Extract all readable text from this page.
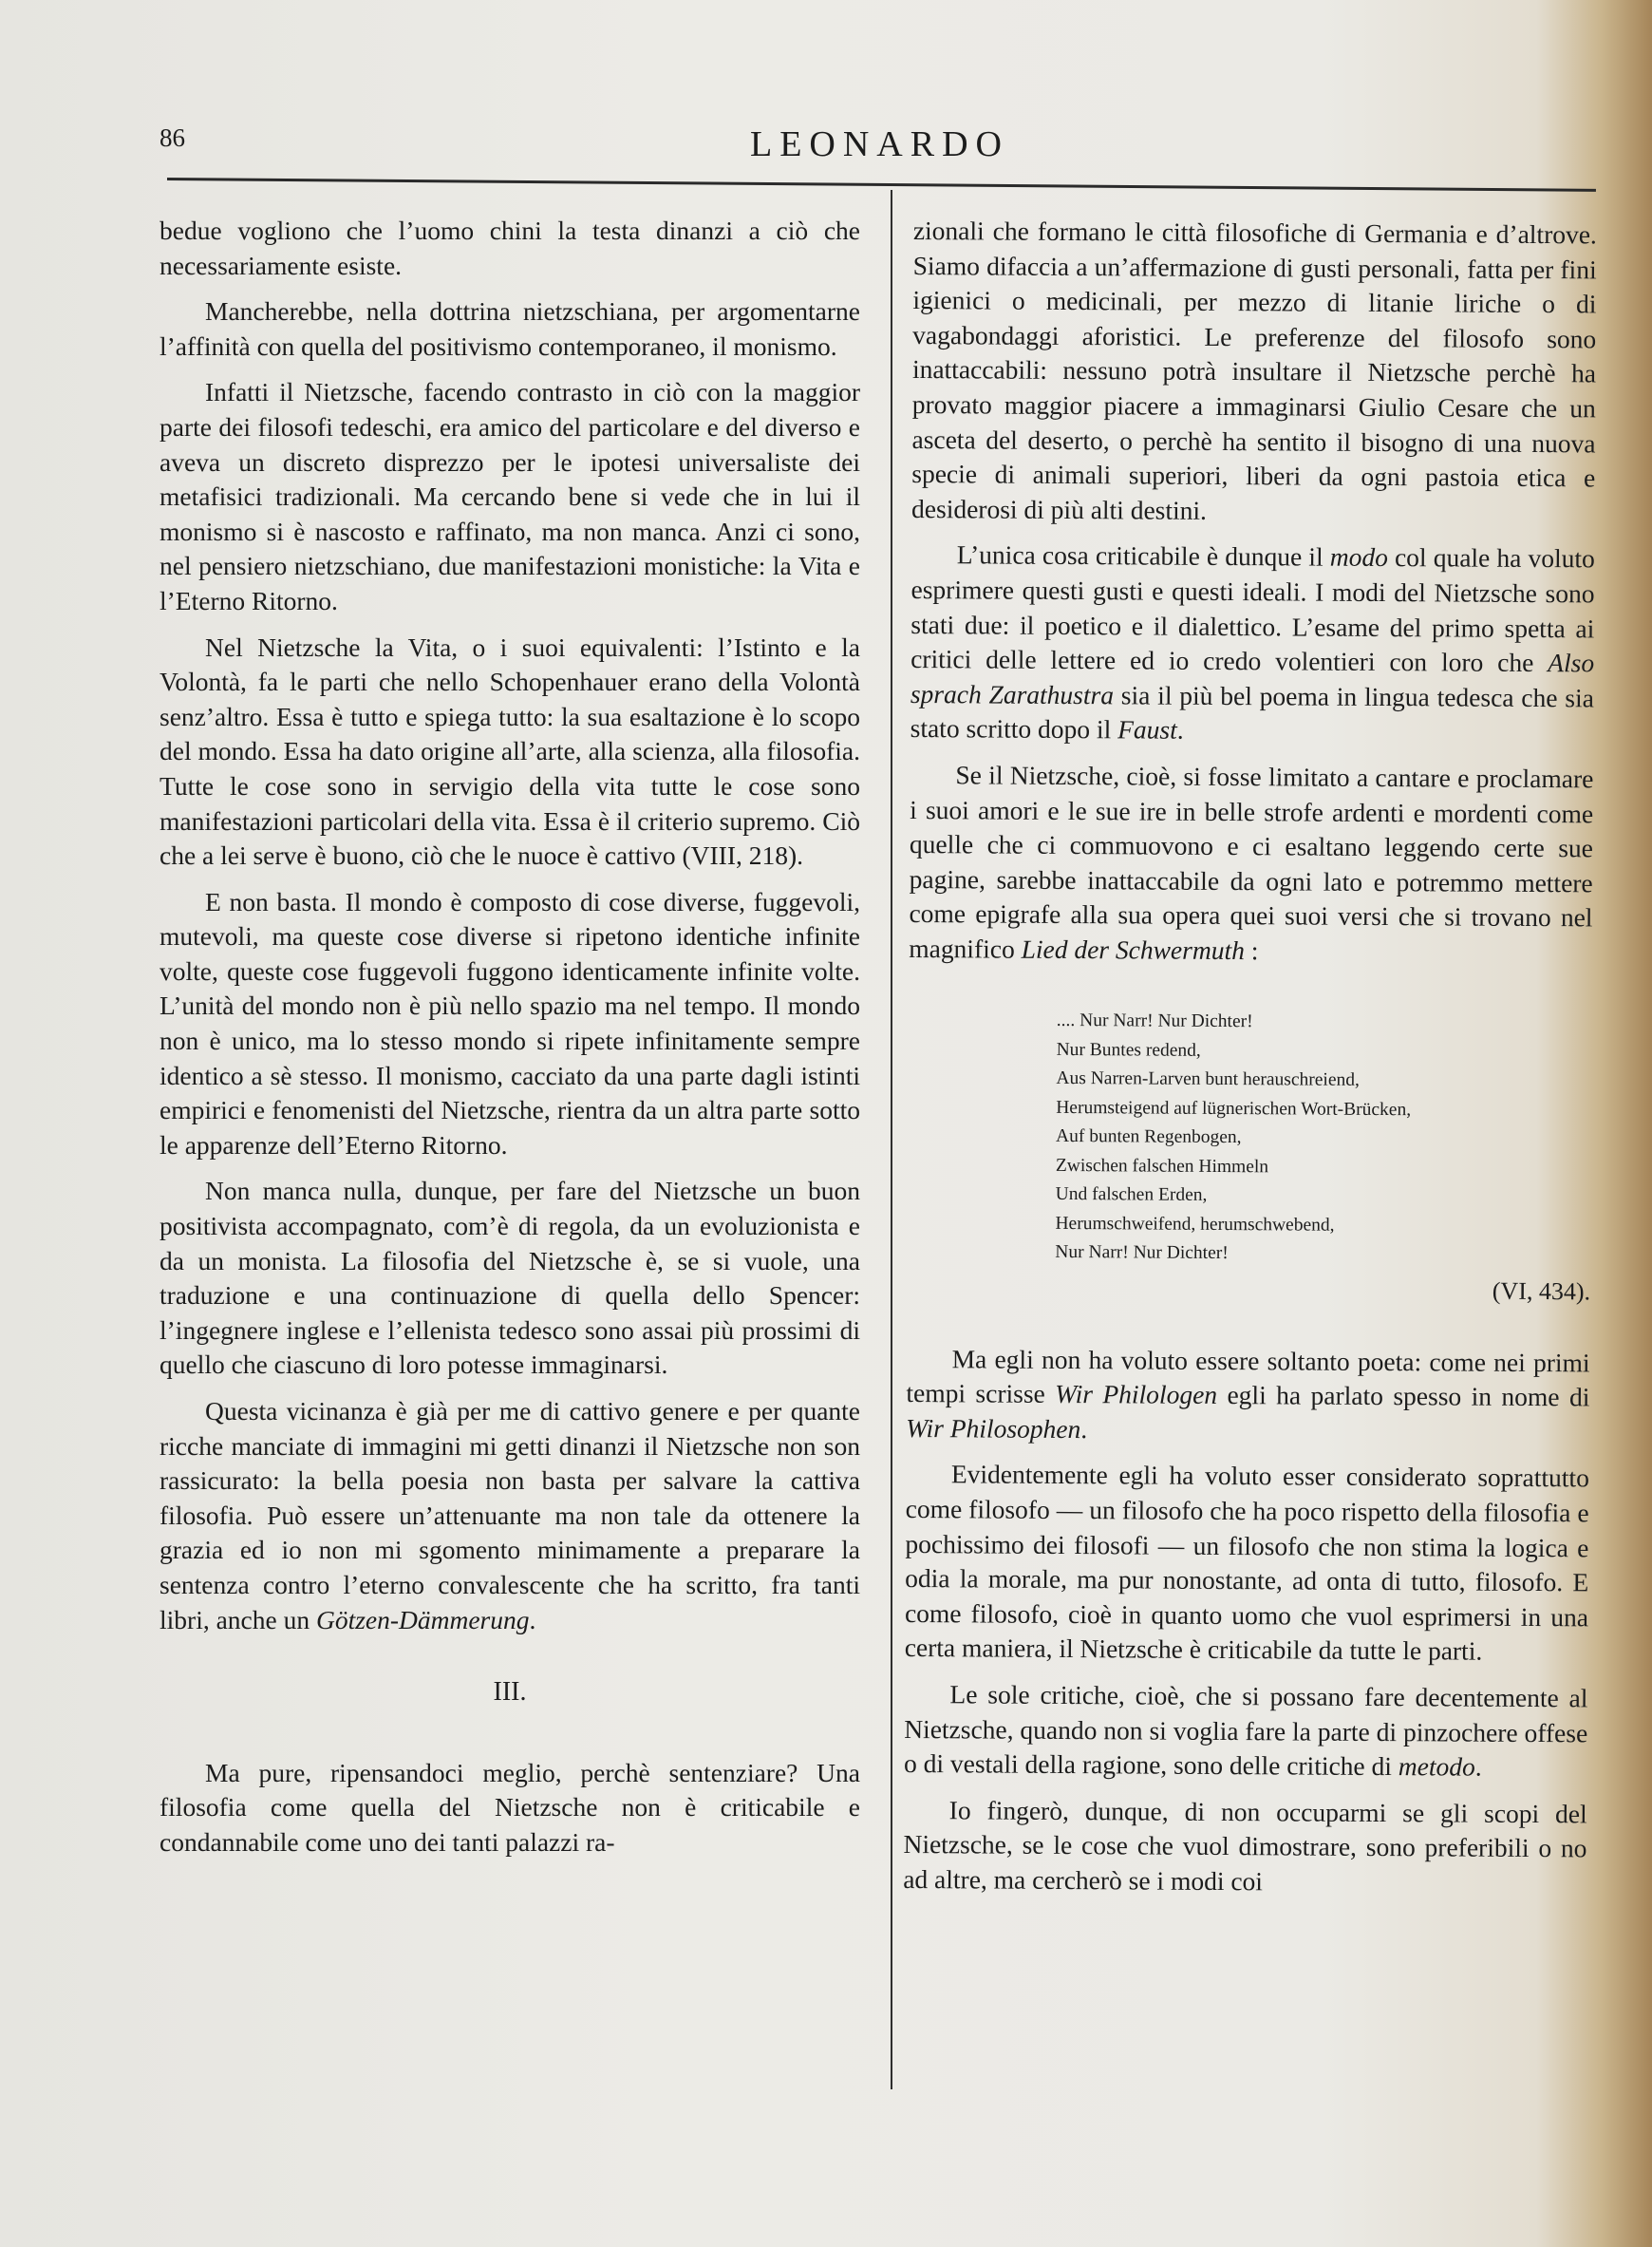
86	LEONARDO

bedue vogliono che l’uomo chini la testa dinanzi a ciò che necessariamente esiste.

Mancherebbe, nella dottrina nietzschiana, per argomentarne l’affinità con quella del positivismo contemporaneo, il monismo.

Infatti il Nietzsche, facendo contrasto in ciò con la maggior parte dei filosofi tedeschi, era amico del particolare e del diverso e aveva un discreto disprezzo per le ipotesi universaliste dei metafisici tradizionali. Ma cercando bene si vede che in lui il monismo si è nascosto e raffinato, ma non manca. Anzi ci sono, nel pensiero nietzschiano, due manifestazioni monistiche: la Vita e l’Eterno Ritorno.

Nel Nietzsche la Vita, o i suoi equivalenti: l’Istinto e la Volontà, fa le parti che nello Schopenhauer erano della Volontà senz’altro. Essa è tutto e spiega tutto: la sua esaltazione è lo scopo del mondo. Essa ha dato origine all’arte, alla scienza, alla filosofia. Tutte le cose sono in servigio della vita tutte le cose sono manifestazioni particolari della vita. Essa è il criterio supremo. Ciò che a lei serve è buono, ciò che le nuoce è cattivo (VIII, 218).

E non basta. Il mondo è composto di cose diverse, fuggevoli, mutevoli, ma queste cose diverse si ripetono identiche infinite volte, queste cose fuggevoli fuggono identicamente infinite volte. L’unità del mondo non è più nello spazio ma nel tempo. Il mondo non è unico, ma lo stesso mondo si ripete infinitamente sempre identico a sè stesso. Il monismo, cacciato da una parte dagli istinti empirici e fenomenisti del Nietzsche, rientra da un altra parte sotto le apparenze dell’Eterno Ritorno.

Non manca nulla, dunque, per fare del Nietzsche un buon positivista accompagnato, com’è di regola, da un evoluzionista e da un monista. La filosofia del Nietzsche è, se si vuole, una traduzione e una continuazione di quella dello Spencer: l’ingegnere inglese e l’ellenista tedesco sono assai più prossimi di quello che ciascuno di loro potesse immaginarsi.

Questa vicinanza è già per me di cattivo genere e per quante ricche manciate di immagini mi getti dinanzi il Nietzsche non son rassicurato: la bella poesia non basta per salvare la cattiva filosofia. Può essere un’attenuante ma non tale da ottenere la grazia ed io non mi sgomento minimamente a preparare la sentenza contro l’eterno convalescente che ha scritto, fra tanti libri, anche un Götzen-Dämmerung.

III.

Ma pure, ripensandoci meglio, perchè sentenziare? Una filosofia come quella del Nietzsche non è criticabile e condannabile come uno dei tanti palazzi ra-

zionali che formano le città filosofiche di Germania e d’altrove. Siamo difaccia a un’affermazione di gusti personali, fatta per fini igienici o medicinali, per mezzo di litanie liriche o di vagabondaggi aforistici. Le preferenze del filosofo sono inattaccabili: nessuno potrà insultare il Nietzsche perchè ha provato maggior piacere a immaginarsi Giulio Cesare che un asceta del deserto, o perchè ha sentito il bisogno di una nuova specie di animali superiori, liberi da ogni pastoia etica e desiderosi di più alti destini.

L’unica cosa criticabile è dunque il modo col quale ha voluto esprimere questi gusti e questi ideali. I modi del Nietzsche sono stati due: il poetico e il dialettico. L’esame del primo spetta ai critici delle lettere ed io credo volentieri con loro che Also sprach Zarathustra sia il più bel poema in lingua tedesca che sia stato scritto dopo il Faust.

Se il Nietzsche, cioè, si fosse limitato a cantare e proclamare i suoi amori e le sue ire in belle strofe ardenti e mordenti come quelle che ci commuovono e ci esaltano leggendo certe sue pagine, sarebbe inattaccabile da ogni lato e potremmo mettere come epigrafe alla sua opera quei suoi versi che si trovano nel magnifico Lied der Schwermuth :

.... Nur Narr! Nur Dichter!
Nur Buntes redend,
Aus Narren-Larven bunt herauschreiend,
Herumsteigend auf lügnerischen Wort-Brücken,
Auf bunten Regenbogen,
Zwischen falschen Himmeln
Und falschen Erden,
Herumschweifend, herumschwebend,
Nur Narr! Nur Dichter!
(VI, 434).

Ma egli non ha voluto essere soltanto poeta: come nei primi tempi scrisse Wir Philologen egli ha parlato spesso in nome di Wir Philosophen.

Evidentemente egli ha voluto esser considerato soprattutto come filosofo — un filosofo che ha poco rispetto della filosofia e pochissimo dei filosofi — un filosofo che non stima la logica e odia la morale, ma pur nonostante, ad onta di tutto, filosofo. E come filosofo, cioè in quanto uomo che vuol esprimersi in una certa maniera, il Nietzsche è criticabile da tutte le parti.

Le sole critiche, cioè, che si possano fare decentemente al Nietzsche, quando non si voglia fare la parte di pinzochere offese o di vestali della ragione, sono delle critiche di metodo.

Io fingerò, dunque, di non occuparmi se gli scopi del Nietzsche, se le cose che vuol dimostrare, sono preferibili o no ad altre, ma cercherò se i modi coi
